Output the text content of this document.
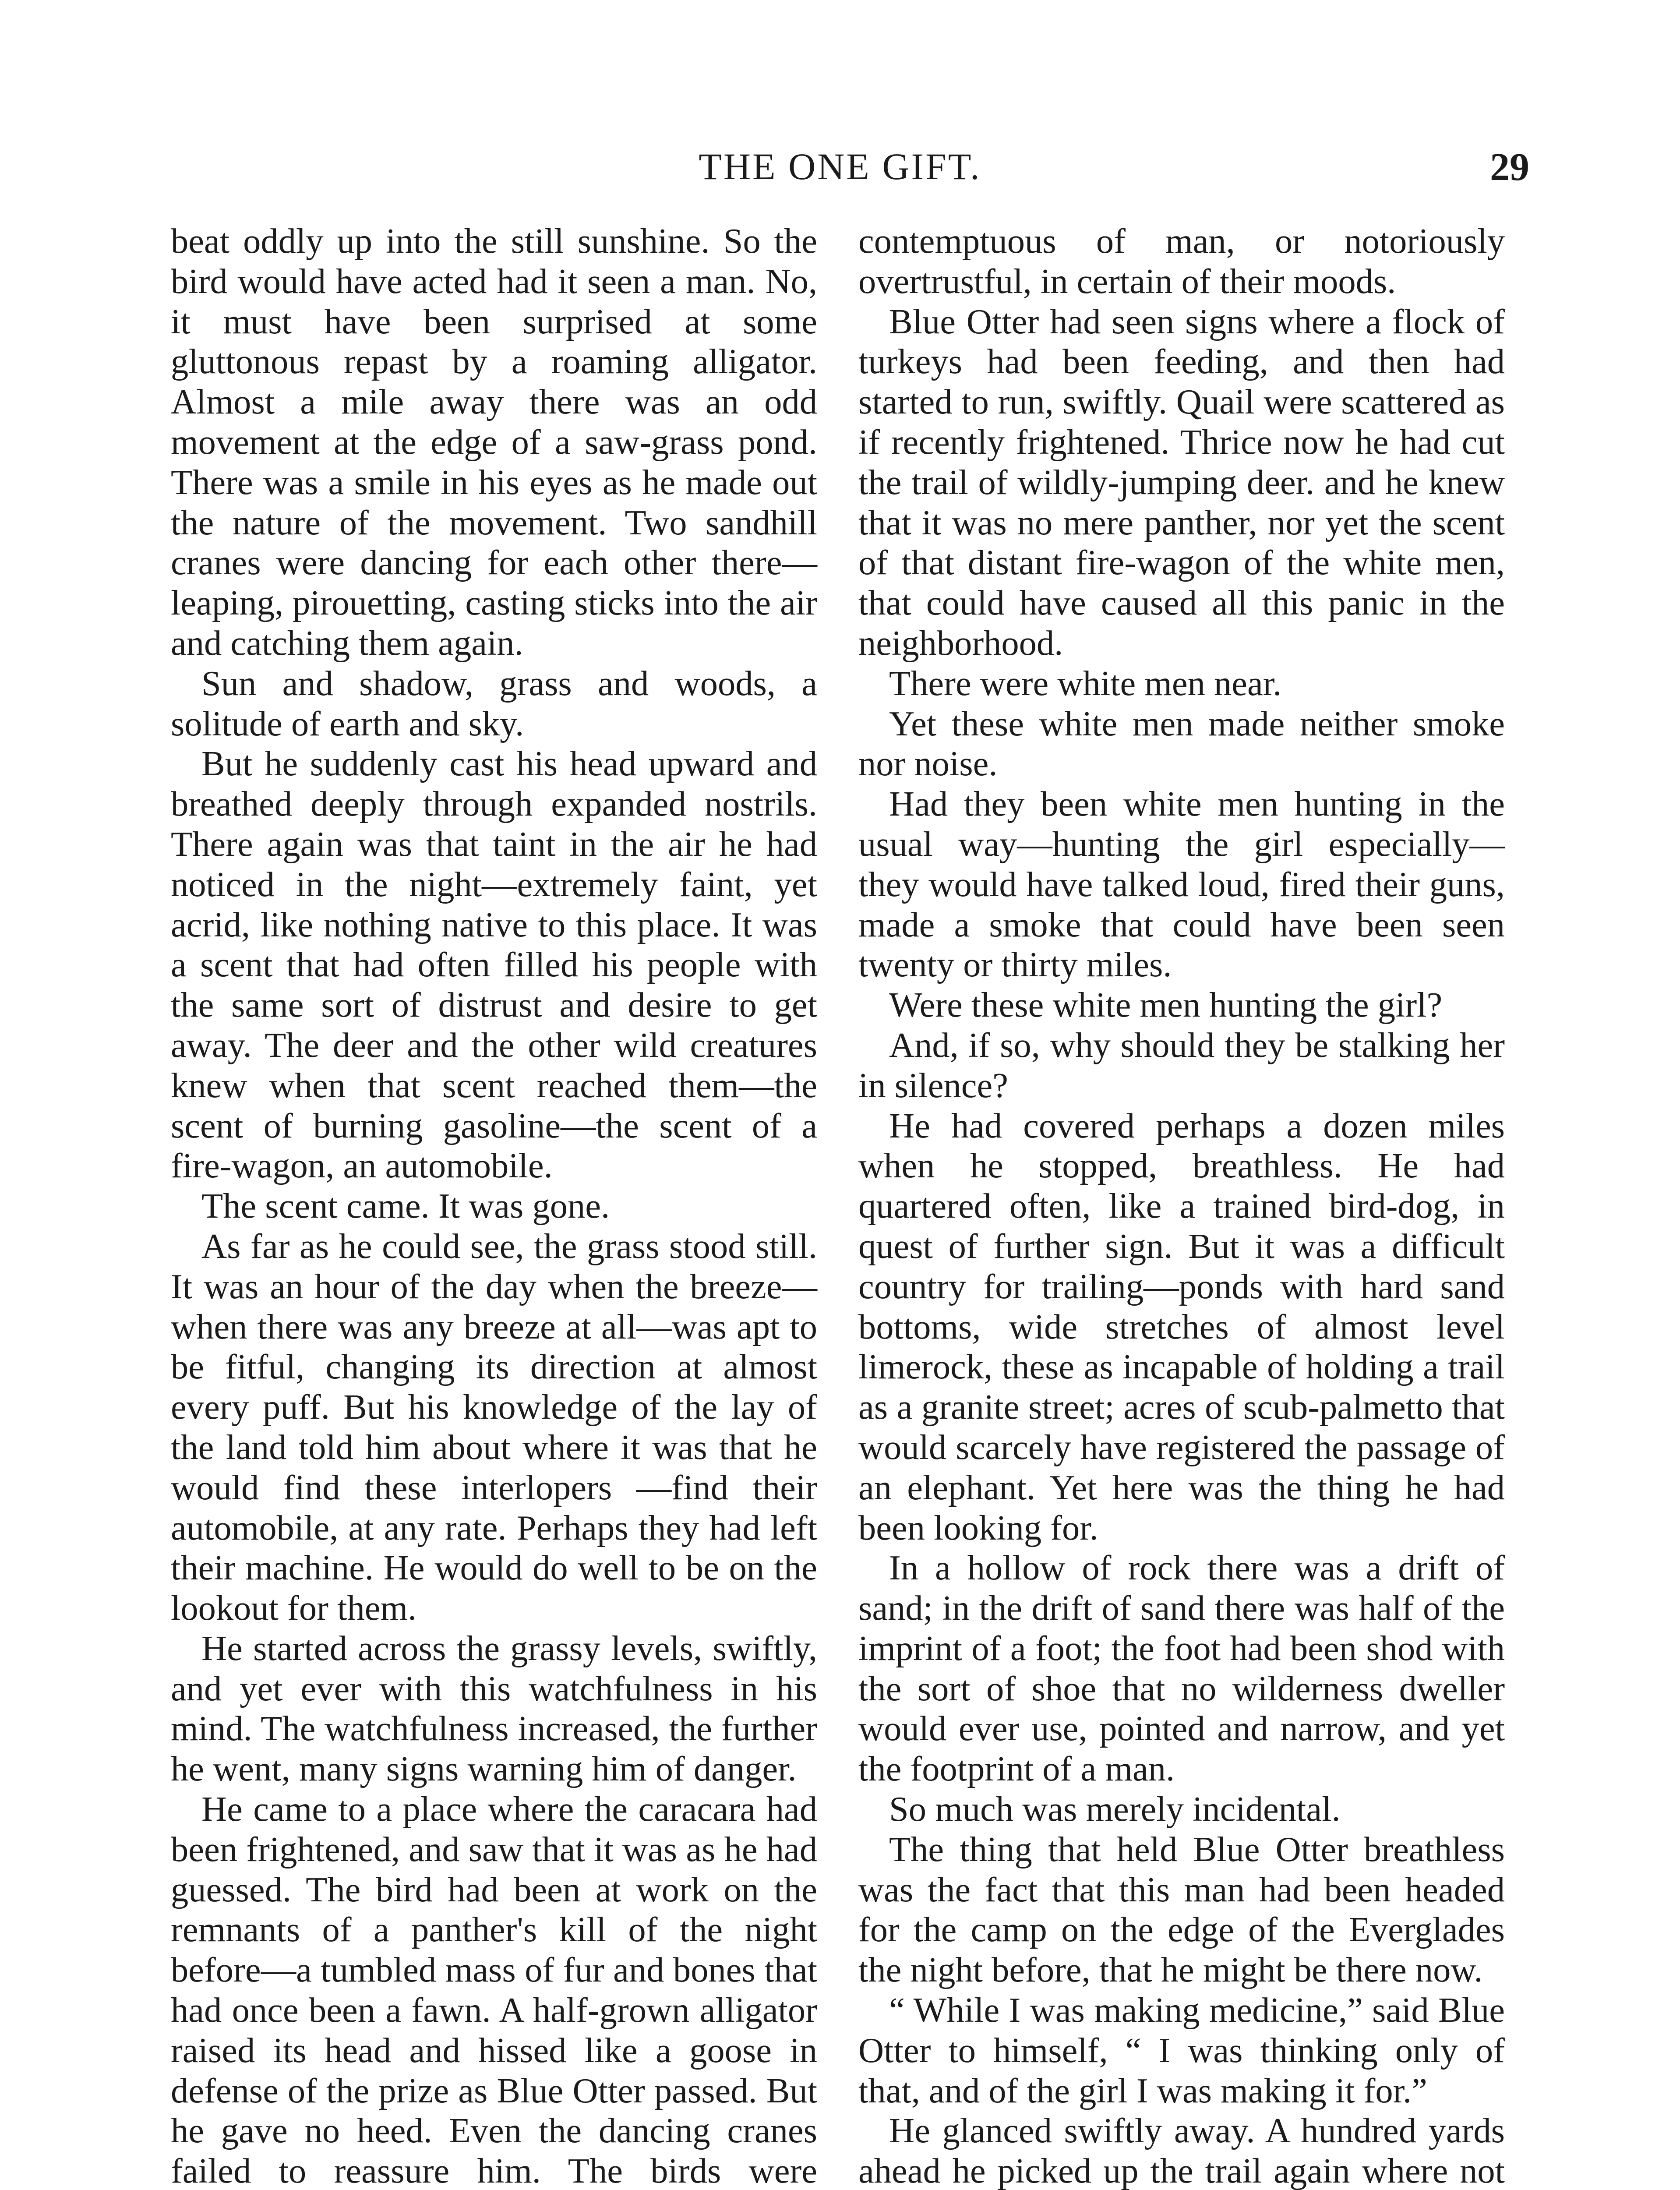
THE ONE GIFT.	29

beat oddly up into the still sunshine. So the bird would have acted had it seen a man. No, it must have been surprised at some gluttonous repast by a roaming alligator. Almost a mile away there was an odd movement at the edge of a saw-grass pond. There was a smile in his eyes as he made out the nature of the movement. Two sandhill cranes were dancing for each other there—leaping, pirouetting, casting sticks into the air and catching them again.

Sun and shadow, grass and woods, a solitude of earth and sky.

But he suddenly cast his head upward and breathed deeply through expanded nostrils. There again was that taint in the air he had noticed in the night—extremely faint, yet acrid, like nothing native to this place. It was a scent that had often filled his people with the same sort of distrust and desire to get away. The deer and the other wild creatures knew when that scent reached them—the scent of burning gasoline—the scent of a fire-wagon, an automobile.

The scent came. It was gone.

As far as he could see, the grass stood still. It was an hour of the day when the breeze—when there was any breeze at all—was apt to be fitful, changing its direction at almost every puff. But his knowledge of the lay of the land told him about where it was that he would find these interlopers —find their automobile, at any rate. Perhaps they had left their machine. He would do well to be on the lookout for them.

He started across the grassy levels, swiftly, and yet ever with this watchfulness in his mind. The watchfulness increased, the further he went, many signs warning him of danger.

He came to a place where the caracara had been frightened, and saw that it was as he had guessed. The bird had been at work on the remnants of a panther's kill of the night before—a tumbled mass of fur and bones that had once been a fawn. A half-grown alligator raised its head and hissed like a goose in defense of the prize as Blue Otter passed. But he gave no heed. Even the dancing cranes failed to reassure him. The birds were

contemptuous of man, or notoriously overtrustful, in certain of their moods.

Blue Otter had seen signs where a flock of turkeys had been feeding, and then had started to run, swiftly. Quail were scattered as if recently frightened. Thrice now he had cut the trail of wildly-jumping deer. and he knew that it was no mere panther, nor yet the scent of that distant fire-wagon of the white men, that could have caused all this panic in the neighborhood.

There were white men near.

Yet these white men made neither smoke nor noise.

Had they been white men hunting in the usual way—hunting the girl especially— they would have talked loud, fired their guns, made a smoke that could have been seen twenty or thirty miles.

Were these white men hunting the girl?

And, if so, why should they be stalking her in silence?

He had covered perhaps a dozen miles when he stopped, breathless. He had quartered often, like a trained bird-dog, in quest of further sign. But it was a difficult country for trailing—ponds with hard sand bottoms, wide stretches of almost level limerock, these as incapable of holding a trail as a granite street; acres of scub-palmetto that would scarcely have registered the passage of an elephant. Yet here was the thing he had been looking for.

In a hollow of rock there was a drift of sand; in the drift of sand there was half of the imprint of a foot; the foot had been shod with the sort of shoe that no wilderness dweller would ever use, pointed and narrow, and yet the footprint of a man.

So much was merely incidental.

The thing that held Blue Otter breathless was the fact that this man had been headed for the camp on the edge of the Everglades the night before, that he might be there now.

“ While I was making medicine,” said Blue Otter to himself, “ I was thinking only of that, and of the girl I was making it for.”

He glanced swiftly away. A hundred yards ahead he picked up the trail again where not
